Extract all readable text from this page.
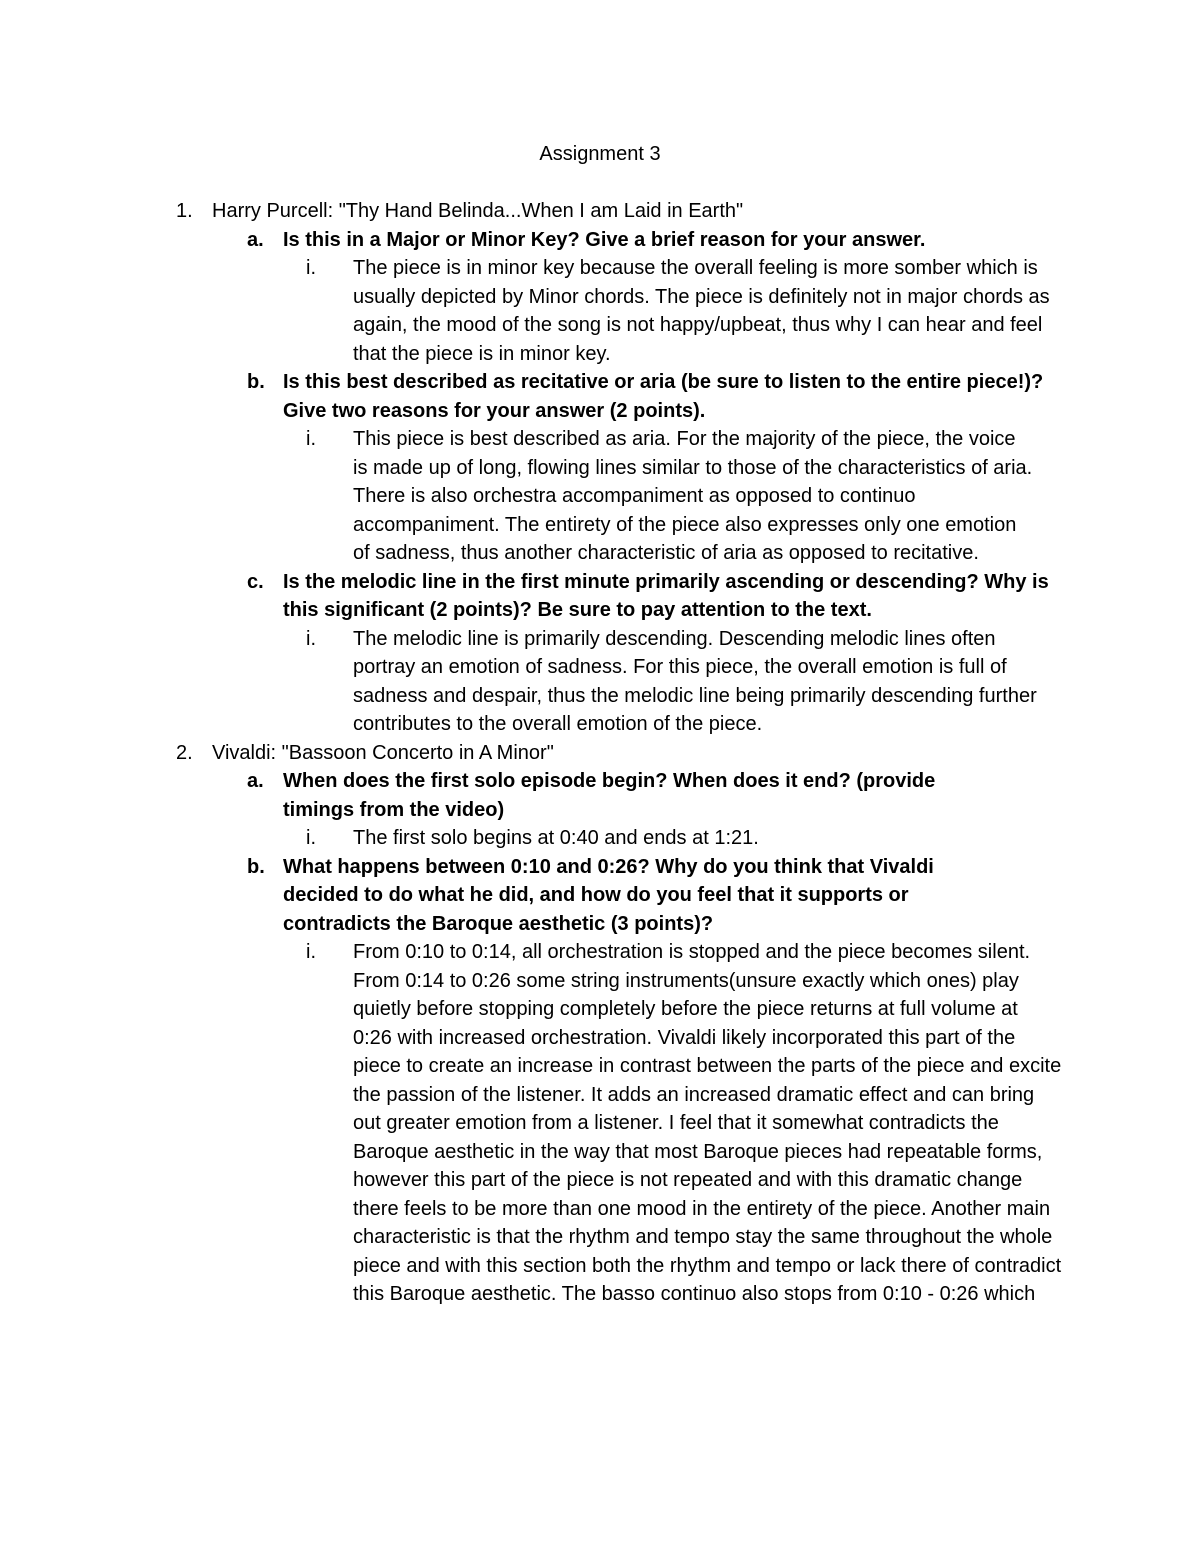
Assignment 3
1. Harry Purcell: "Thy Hand Belinda...When I am Laid in Earth"
a. Is this in a Major or Minor Key? Give a brief reason for your answer.
i. The piece is in minor key because the overall feeling is more somber which is usually depicted by Minor chords. The piece is definitely not in major chords as again, the mood of the song is not happy/upbeat, thus why I can hear and feel that the piece is in minor key.
b. Is this best described as recitative or aria (be sure to listen to the entire piece!)? Give two reasons for your answer (2 points).
i. This piece is best described as aria. For the majority of the piece, the voice is made up of long, flowing lines similar to those of the characteristics of aria. There is also orchestra accompaniment as opposed to continuo accompaniment. The entirety of the piece also expresses only one emotion of sadness, thus another characteristic of aria as opposed to recitative.
c. Is the melodic line in the first minute primarily ascending or descending? Why is this significant (2 points)? Be sure to pay attention to the text.
i. The melodic line is primarily descending. Descending melodic lines often portray an emotion of sadness. For this piece, the overall emotion is full of sadness and despair, thus the melodic line being primarily descending further contributes to the overall emotion of the piece.
2. Vivaldi: "Bassoon Concerto in A Minor"
a. When does the first solo episode begin? When does it end? (provide timings from the video)
i. The first solo begins at 0:40 and ends at 1:21.
b. What happens between 0:10 and 0:26? Why do you think that Vivaldi decided to do what he did, and how do you feel that it supports or contradicts the Baroque aesthetic (3 points)?
i. From 0:10 to 0:14, all orchestration is stopped and the piece becomes silent. From 0:14 to 0:26 some string instruments(unsure exactly which ones) play quietly before stopping completely before the piece returns at full volume at 0:26 with increased orchestration. Vivaldi likely incorporated this part of the piece to create an increase in contrast between the parts of the piece and excite the passion of the listener. It adds an increased dramatic effect and can bring out greater emotion from a listener. I feel that it somewhat contradicts the Baroque aesthetic in the way that most Baroque pieces had repeatable forms, however this part of the piece is not repeated and with this dramatic change there feels to be more than one mood in the entirety of the piece. Another main characteristic is that the rhythm and tempo stay the same throughout the whole piece and with this section both the rhythm and tempo or lack there of contradict this Baroque aesthetic. The basso continuo also stops from 0:10 - 0:26 which
